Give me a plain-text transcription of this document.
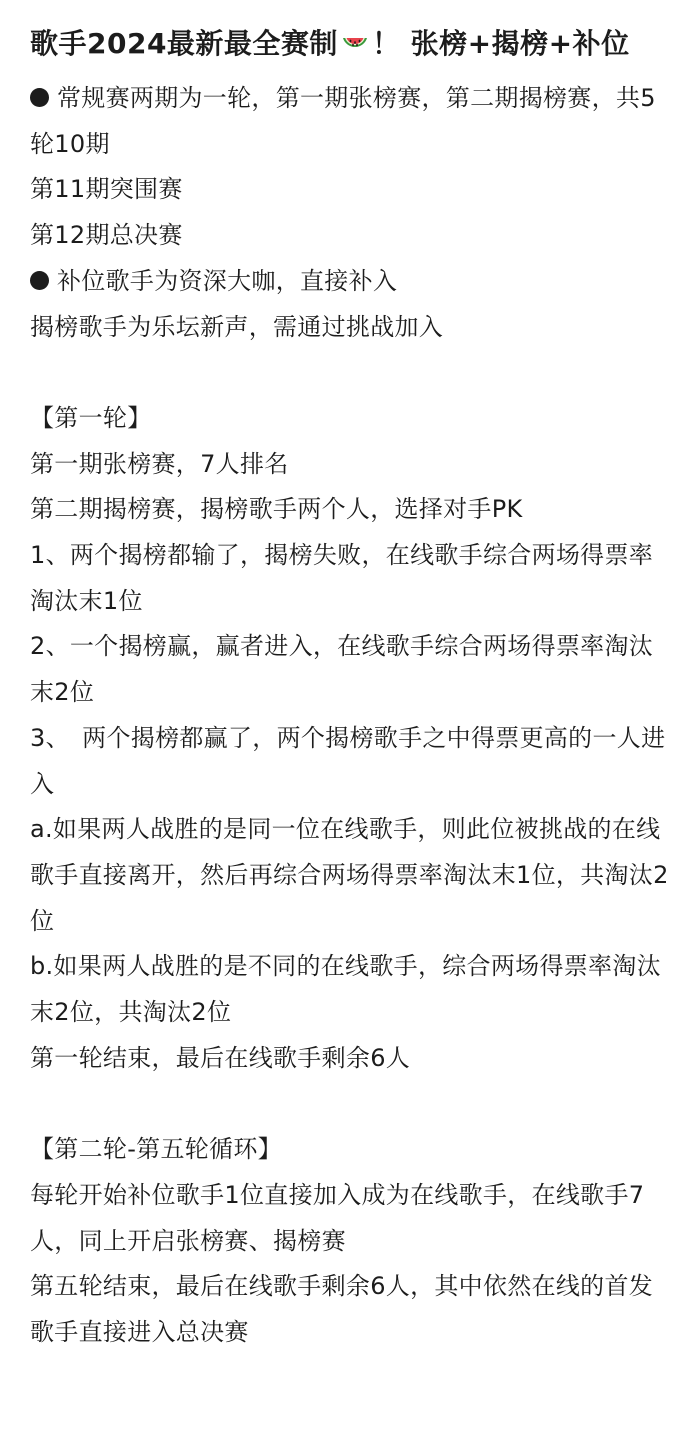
歌手2024最新最全赛制 ！ 张榜+揭榜+补位

常规赛两期为一轮，第一期张榜赛，第二期揭榜赛，共5轮10期

第11期突围赛

第12期总决赛

补位歌手为资深大咖，直接补入

揭榜歌手为乐坛新声，需通过挑战加入

【第一轮】

第一期张榜赛，7人排名

第二期揭榜赛，揭榜歌手两个人，选择对手PK

1、两个揭榜都输了，揭榜失败，在线歌手综合两场得票率淘汰末1位

2、一个揭榜赢，赢者进入，在线歌手综合两场得票率淘汰末2位

3、　两个揭榜都赢了，两个揭榜歌手之中得票更高的一人进入

a.如果两人战胜的是同一位在线歌手，则此位被挑战的在线歌手直接离开，然后再综合两场得票率淘汰末1位，共淘汰2位

b.如果两人战胜的是不同的在线歌手，综合两场得票率淘汰末2位，共淘汰2位

第一轮结束，最后在线歌手剩余6人

【第二轮-第五轮循环】

每轮开始补位歌手1位直接加入成为在线歌手，在线歌手7人，同上开启张榜赛、揭榜赛

第五轮结束，最后在线歌手剩余6人，其中依然在线的首发歌手直接进入总决赛
